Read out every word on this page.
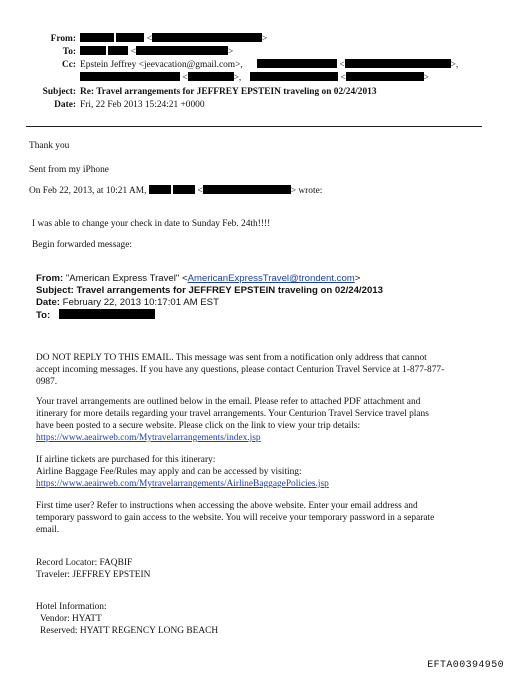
From:	<	>
To:	<	>
Cc: Epstein Jeffrey <jeevacation@gmail.com>,	<	>,
<	>,	<	>
Subject: Re: Travel arrangements for JEFFREY EPSTEIN traveling on 02/24/2013
Date: Fri, 22 Feb 2013 15:24:21 +0000
Thank you
Sent from my iPhone
On Feb 22, 2013, at 10:21 AM,	<	> wrote:
I was able to change your check in date to Sunday Feb. 24th!!!!
Begin forwarded message:
From: "American Express Travel" <AmericanExpressTravel@trondent.com>
Subject: Travel arrangements for JEFFREY EPSTEIN traveling on 02/24/2013
Date: February 22, 2013 10:17:01 AM EST
To:
DO NOT REPLY TO THIS EMAIL. This message was sent from a notification only address that cannot
accept incoming messages. If you have any questions, please contact Centurion Travel Service at 1-877-877-
0987.
Your travel arrangements are outlined below in the email. Please refer to attached PDF attachment and
itinerary for more details regarding your travel arrangements. Your Centurion Travel Service travel plans
have been posted to a secure website. Please click on the link to view your trip details:
https://www.aeairweb.com/Mytravelarrangements/index.jsp
If airline tickets are purchased for this itinerary:
Airline Baggage Fee/Rules may apply and can be accessed by visiting:
https://www.aeairweb.com/Mytravelarrangements/AirlineBaggagePolicies.jsp
First time user? Refer to instructions when accessing the above website. Enter your email address and
temporary password to gain access to the website. You will receive your temporary password in a separate
email.
Record Locator: FAQBIF
Traveler: JEFFREY EPSTEIN
Hotel Information:
Vendor: HYATT
Reserved: HYATT REGENCY LONG BEACH
EFTA00394950
